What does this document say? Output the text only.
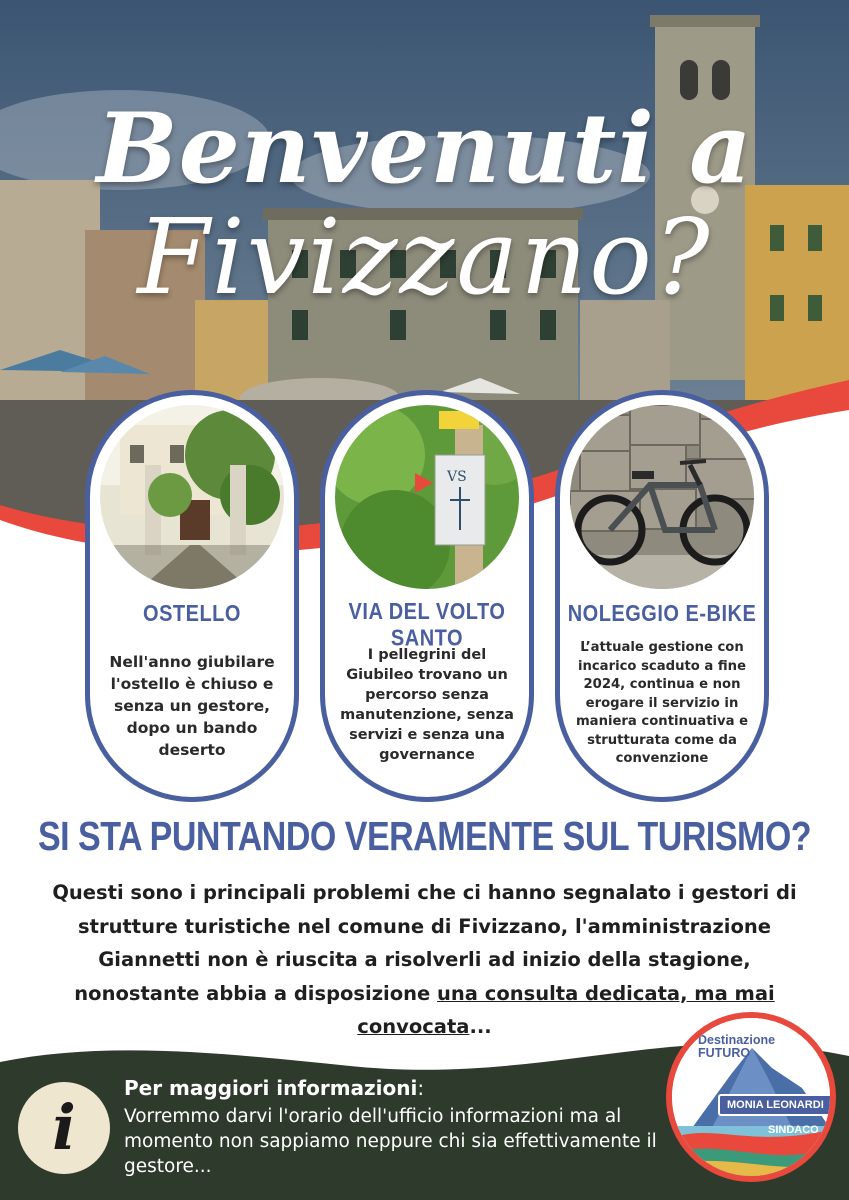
Benvenuti a
Fivizzano?
OSTELLO
Nell'anno giubilare l'ostello è chiuso e senza un gestore, dopo un bando deserto
VS
VIA DEL VOLTO SANTO
I pellegrini del Giubileo trovano un percorso senza manutenzione, senza servizi e senza una governance
NOLEGGIO E-BIKE
L’attuale gestione con incarico scaduto a fine 2024, continua e non erogare il servizio in maniera continuativa e strutturata come da convenzione
SI STA PUNTANDO VERAMENTE SUL TURISMO?
Questi sono i principali problemi che ci hanno segnalato i gestori di strutture turistiche nel comune di Fivizzano, l'amministrazione Giannetti non è riuscita a risolverli ad inizio della stagione, nonostante abbia a disposizione una consulta dedicata, ma mai convocata...
i
Per maggiori informazioni:
Vorremmo darvi l'orario dell'ufficio informazioni ma al momento non sappiamo neppure chi sia effettivamente il gestore...
Destinazione
FUTURO
MONIA LEONARDI
SINDACO
